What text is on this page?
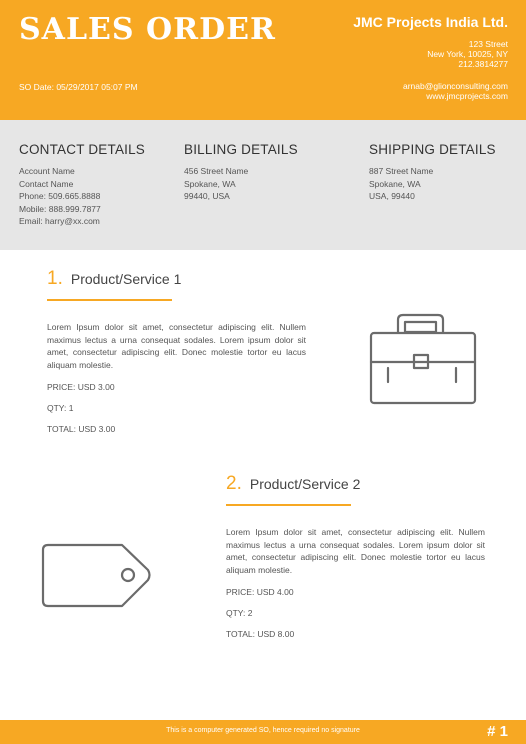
SALES ORDER
SO Date: 05/29/2017 05:07 PM
JMC Projects India Ltd.
123 Street
New York, 10025, NY
212.3814277
arnab@glionconsulting.com
www.jmcprojects.com
CONTACT DETAILS
Account Name
Contact Name
Phone: 509.665.8888
Mobile: 888.999.7877
Email: harry@xx.com
BILLING DETAILS
456 Street Name
Spokane, WA
99440, USA
SHIPPING DETAILS
887 Street Name
Spokane, WA
USA, 99440
1. Product/Service 1
Lorem Ipsum dolor sit amet, consectetur adipiscing elit. Nullem maximus lectus a urna consequat sodales. Lorem ipsum dolor sit amet, consectetur adipiscing elit. Donec molestie tortor eu lacus aliquam molestie.
PRICE: USD 3.00
QTY: 1
TOTAL: USD 3.00
2. Product/Service 2
Lorem Ipsum dolor sit amet, consectetur adipiscing elit. Nullem maximus lectus a urna consequat sodales. Lorem ipsum dolor sit amet, consectetur adipiscing elit. Donec molestie tortor eu lacus aliquam molestie.
PRICE: USD 4.00
QTY: 2
TOTAL: USD 8.00
This is a computer generated SO, hence required no signature	# 1
